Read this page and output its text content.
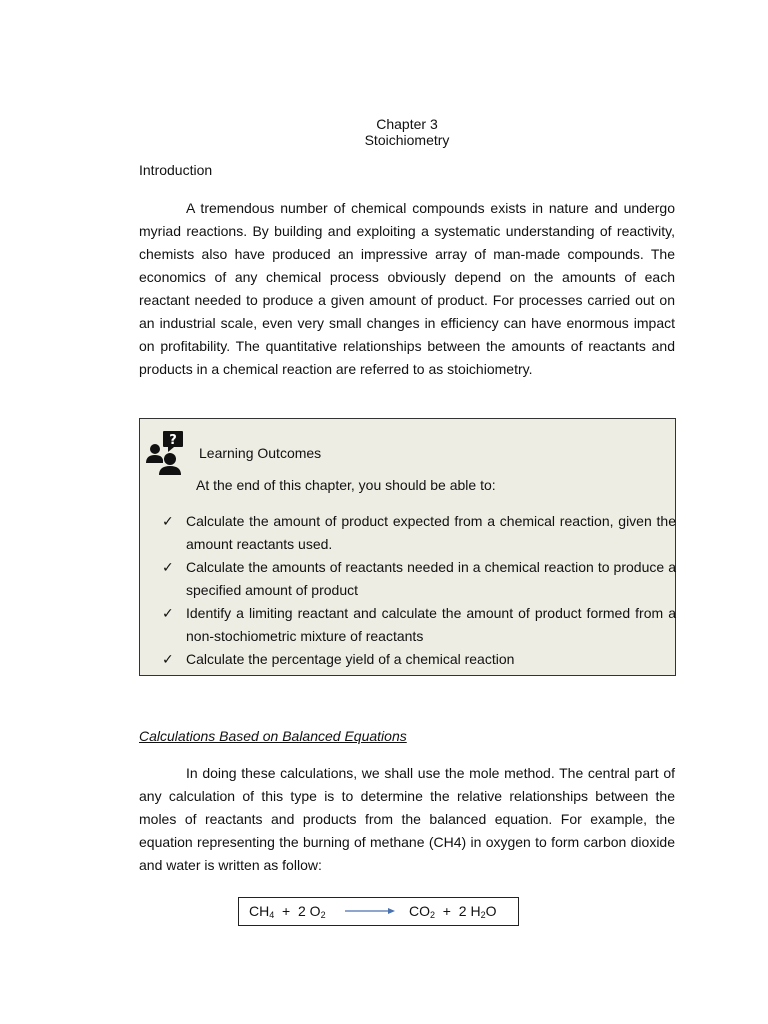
Chapter 3
Stoichiometry
Introduction

A tremendous number of chemical compounds exists in nature and undergo myriad reactions. By building and exploiting a systematic understanding of reactivity, chemists also have produced an impressive array of man-made compounds. The economics of any chemical process obviously depend on the amounts of each reactant needed to produce a given amount of product. For processes carried out on an industrial scale, even very small changes in efficiency can have enormous impact on profitability. The quantitative relationships between the amounts of reactants and products in a chemical reaction are referred to as stoichiometry.

?
Learning Outcomes
At the end of this chapter, you should be able to:
✓ Calculate the amount of product expected from a chemical reaction, given the amount reactants used.
✓ Calculate the amounts of reactants needed in a chemical reaction to produce a specified amount of product
✓ Identify a limiting reactant and calculate the amount of product formed from a non-stochiometric mixture of reactants
✓ Calculate the percentage yield of a chemical reaction
Calculations Based on Balanced Equations

In doing these calculations, we shall use the mole method. The central part of any calculation of this type is to determine the relative relationships between the moles of reactants and products from the balanced equation. For example, the equation representing the burning of methane (CH4) in oxygen to form carbon dioxide and water is written as follow:

$CH_4 + 2$ $O_2 \to CO_2 + 2$ $H_2O$
